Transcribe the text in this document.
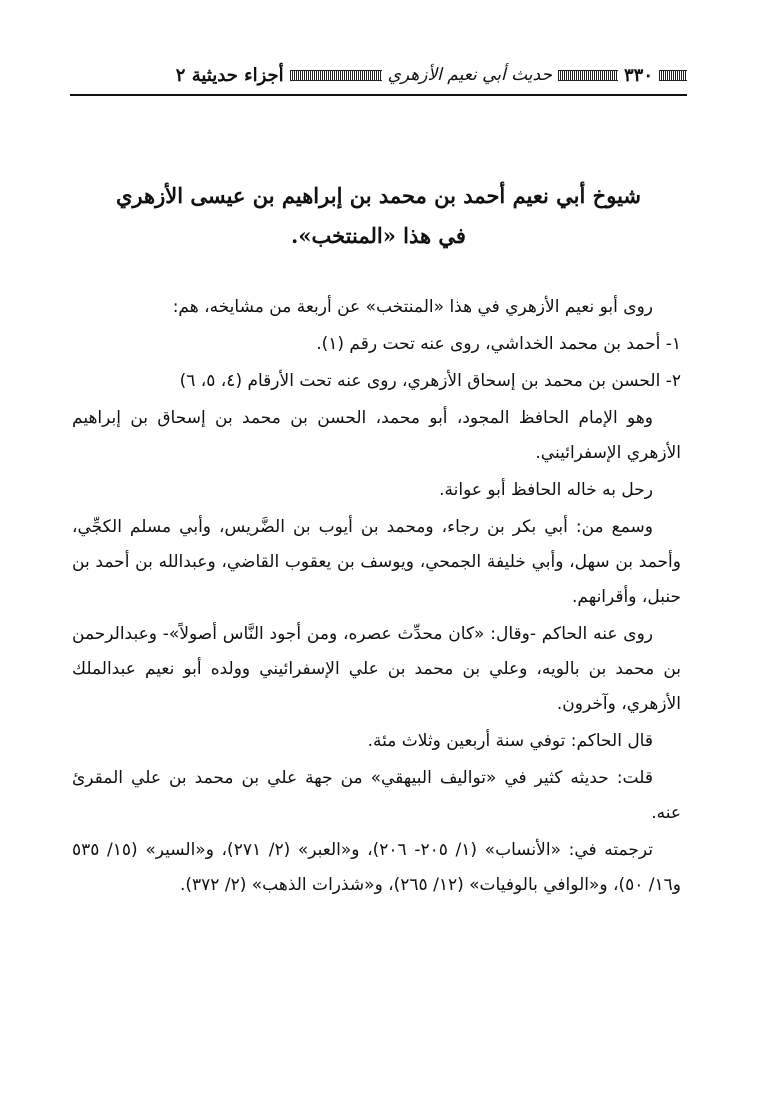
٣٣٠
حديث أبي نعيم الأزهري
أجزاء حديثية ٢
شيوخ أبي نعيم أحمد بن محمد بن إبراهيم بن عيسى الأزهري
في هذا «المنتخب».

روى أبو نعيم الأزهري في هذا «المنتخب» عن أربعة من مشايخه، هم:

١- أحمد بن محمد الخداشي، روى عنه تحت رقم (١).

٢- الحسن بن محمد بن إسحاق الأزهري، روى عنه تحت الأرقام (٤، ٥، ٦)

وهو الإمام الحافظ المجود، أبو محمد، الحسن بن محمد بن إسحاق بن إبراهيم الأزهري الإسفرائيني.

رحل به خاله الحافظ أبو عوانة.

وسمع من: أبي بكر بن رجاء، ومحمد بن أيوب بن الضَّريس، وأبي مسلم الكجِّي، وأحمد بن سهل، وأبي خليفة الجمحي، ويوسف بن يعقوب القاضي، وعبدالله بن أحمد بن حنبل، وأقرانهم.

روى عنه الحاكم -وقال: «كان محدِّث عصره، ومن أجود النَّاس أصولاً»- وعبدالرحمن بن محمد بن بالويه، وعلي بن محمد بن علي الإسفرائيني وولده أبو نعيم عبدالملك الأزهري، وآخرون.

قال الحاكم: توفي سنة أربعين وثلاث مئة.

قلت: حديثه كثير في «تواليف البيهقي» من جهة علي بن محمد بن علي المقرئ عنه.

ترجمته في: «الأنساب» (١/ ٢٠٥- ٢٠٦)، و«العبر» (٢/ ٢٧١)، و«السير» (١٥/ ٥٣٥ و١٦/ ٥٠)، و«الوافي بالوفيات» (١٢/ ٢٦٥)، و«شذرات الذهب» (٢/ ٣٧٢).
